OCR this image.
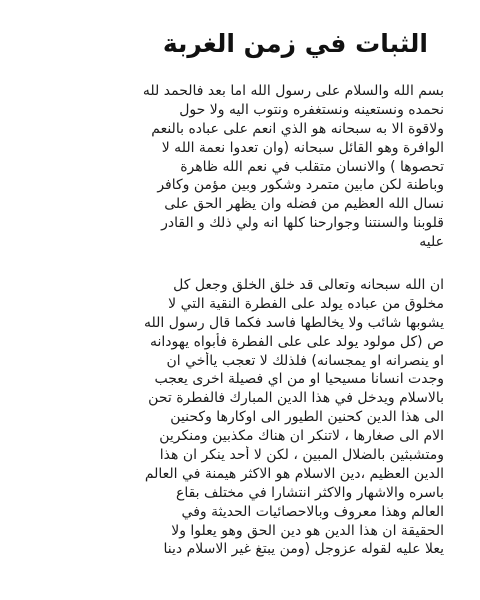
الثبات في زمن الغربة

بسم الله والسلام على رسول الله اما بعد فالحمد لله
نحمده ونستعينه ونستغفره ونتوب اليه ولا حول
ولاقوة الا به سبحانه هو الذي انعم على عباده بالنعم
الوافرة وهو القائل سبحانه (وان تعدوا نعمة الله لا
تحصوها ) والانسان متقلب في نعم الله ظاهرة
وباطنة لكن مابين متمرد وشكور وبين مؤمن وكافر
نسال الله العظيم من فضله وان يظهر الحق على
قلوبنا والسنتنا وجوارحنا كلها انه ولي ذلك و القادر
عليه

ان الله سبحانه وتعالى قد خلق الخلق وجعل كل
مخلوق من عباده يولد على الفطرة النقية التي لا
يشوبها شائب ولا يخالطها فاسد فكما قال رسول الله
ص (كل مولود يولد على على الفطرة فأبواه يهودانه
او ينصرانه او يمجسانه) فلذلك لا تعجب ياأخي ان
وجدت انسانا مسيحيا او من اي فصيلة اخرى يعجب
بالاسلام ويدخل في هذا الدين المبارك فالفطرة تحن
الى هذا الدين كحنين الطيور الى اوكارها وكحنين
الام الى صغارها ، لاتنكر ان هناك مكذبين ومنكرين
ومتشبثين بالضلال المبين ، لكن لا أحد ينكر ان هذا
الدين العظيم ،دين الاسلام هو الاكثر هيمنة في العالم
باسره والاشهار والاكثر انتشارا في مختلف بقاع
العالم وهذا معروف وبالاحصائيات الحديثة وفي
الحقيقة ان هذا الدين هو دين الحق وهو يعلوا ولا
يعلا عليه لقوله عزوجل (ومن يبتغ غير الاسلام دينا
